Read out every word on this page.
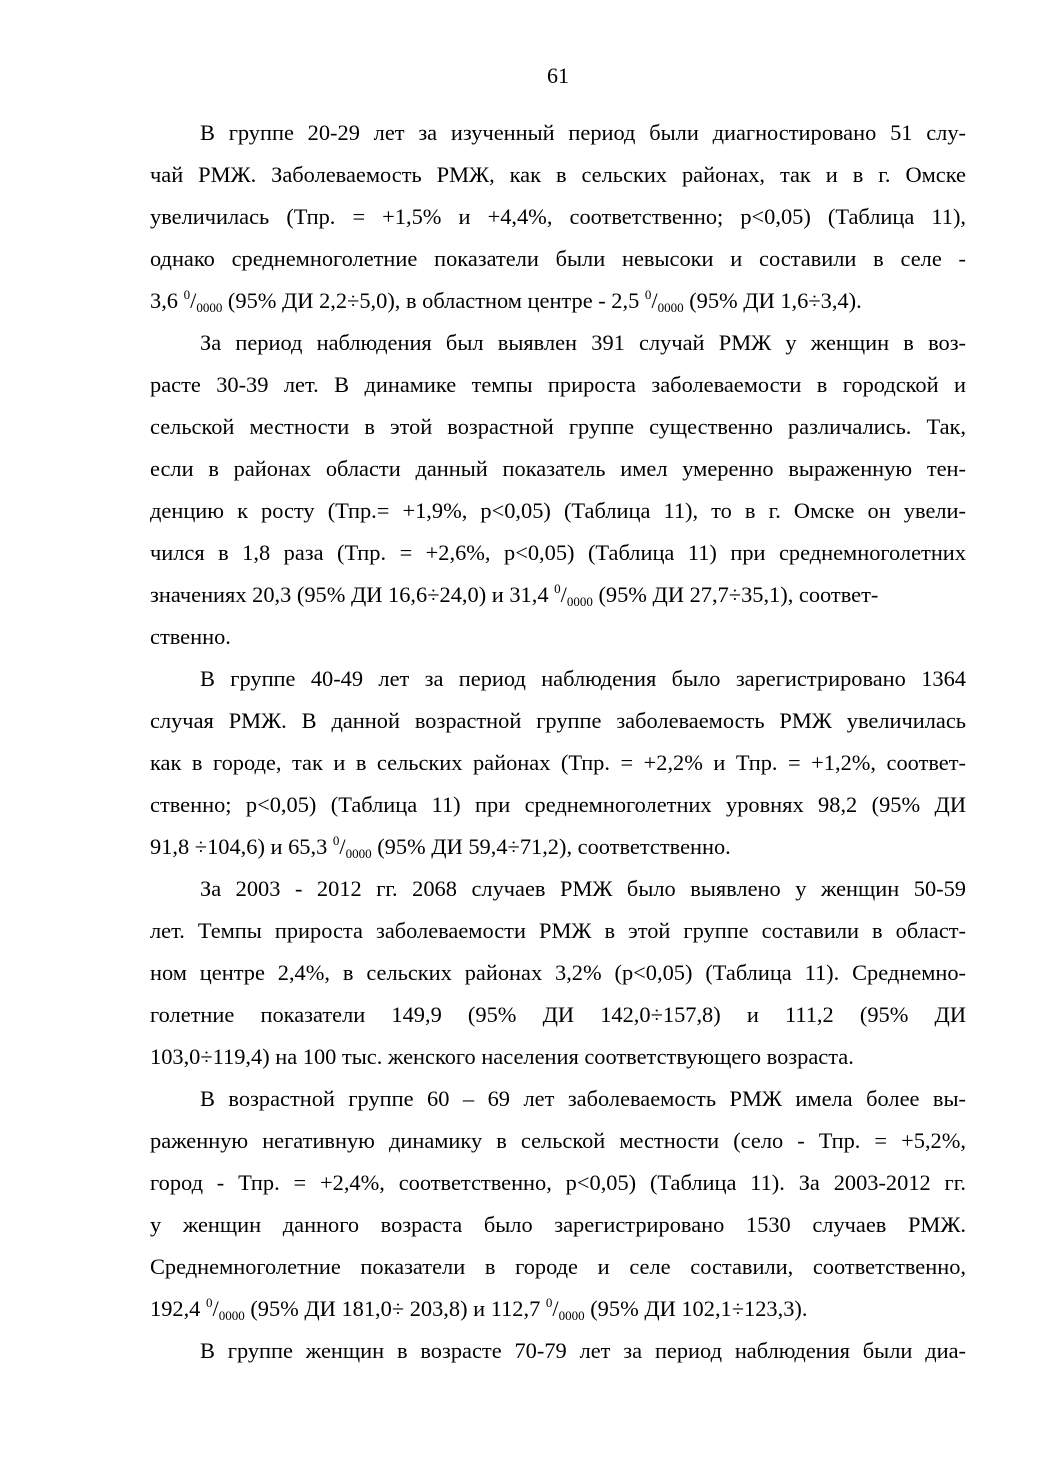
61
В группе 20-29 лет за изученный период были диагностировано 51 слу-
чай РМЖ. Заболеваемость РМЖ, как в сельских районах, так и в г. Омске
увеличилась (Тпр. = +1,5% и +4,4%, соответственно; p<0,05) (Таблица 11),
однако среднемноголетние показатели были невысоки и составили в селе -
3,6 $^0/_{0000}$ (95% ДИ 2,2÷5,0), в областном центре - 2,5 $^0/_{0000}$ (95% ДИ 1,6÷3,4).
За период наблюдения был выявлен 391 случай РМЖ у женщин в воз-
расте 30-39 лет. В динамике темпы прироста заболеваемости в городской и
сельской местности в этой возрастной группе существенно различались. Так,
если в районах области данный показатель имел умеренно выраженную тен-
денцию к росту (Тпр.= +1,9%, p<0,05) (Таблица 11), то в г. Омске он увели-
чился в 1,8 раза (Тпр. = +2,6%, p<0,05) (Таблица 11) при среднемноголетних
значениях 20,3 (95% ДИ 16,6÷24,0) и 31,4 $^0/_{0000}$ (95% ДИ 27,7÷35,1), соответ-
ственно.
В группе 40-49 лет за период наблюдения было зарегистрировано 1364
случая РМЖ. В данной возрастной группе заболеваемость РМЖ увеличилась
как в городе, так и в сельских районах (Тпр. = +2,2% и Тпр. = +1,2%, соответ-
ственно; p<0,05) (Таблица 11) при среднемноголетних уровнях 98,2 (95% ДИ
91,8 ÷104,6) и 65,3 $^0/_{0000}$ (95% ДИ 59,4÷71,2), соответственно.
За 2003 - 2012 гг. 2068 случаев РМЖ было выявлено у женщин 50-59
лет. Темпы прироста заболеваемости РМЖ в этой группе составили в област-
ном центре 2,4%, в сельских районах 3,2% (p<0,05) (Таблица 11). Среднемно-
голетние показатели 149,9 (95% ДИ 142,0÷157,8) и 111,2 (95% ДИ
103,0÷119,4) на 100 тыс. женского населения соответствующего возраста.
В возрастной группе 60 – 69 лет заболеваемость РМЖ имела более вы-
раженную негативную динамику в сельской местности (село - Тпр. = +5,2%,
город - Тпр. = +2,4%, соответственно, p<0,05) (Таблица 11). За 2003-2012 гг.
у женщин данного возраста было зарегистрировано 1530 случаев РМЖ.
Среднемноголетние показатели в городе и селе составили, соответственно,
192,4 $^0/_{0000}$ (95% ДИ 181,0÷ 203,8) и 112,7 $^0/_{0000}$ (95% ДИ 102,1÷123,3).
В группе женщин в возрасте 70-79 лет за период наблюдения были диа-
